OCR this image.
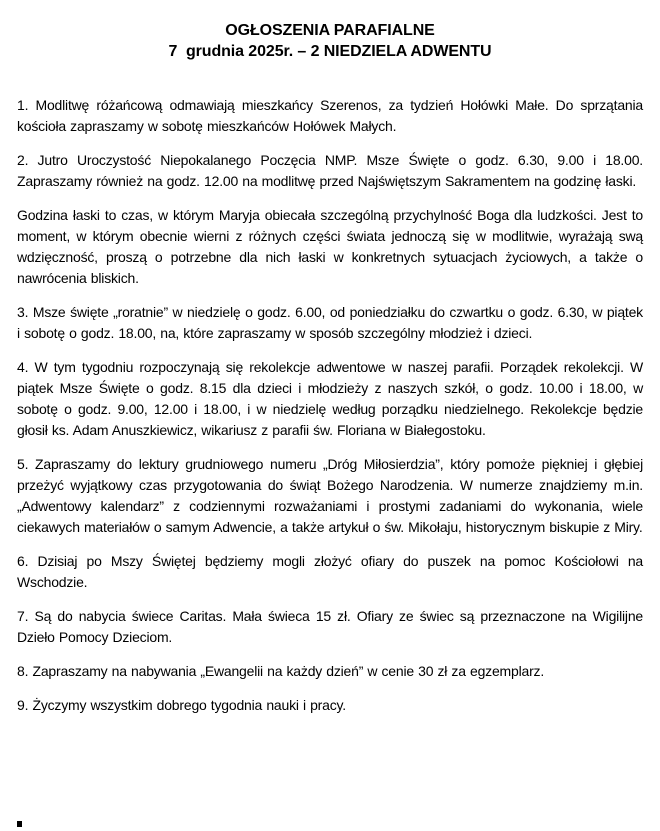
OGŁOSZENIA PARAFIALNE
7  grudnia 2025r. – 2 NIEDZIELA ADWENTU

1. Modlitwę różańcową odmawiają mieszkańcy Szerenos, za tydzień Hołówki Małe. Do sprzątania kościoła zapraszamy w sobotę mieszkańców Hołówek Małych.

2. Jutro Uroczystość Niepokalanego Poczęcia NMP. Msze Święte o godz. 6.30, 9.00 i 18.00. Zapraszamy również na godz. 12.00 na modlitwę przed Najświętszym Sakramentem na godzinę łaski.

Godzina łaski to czas, w którym Maryja obiecała szczególną przychylność Boga dla ludzkości. Jest to moment, w którym obecnie wierni z różnych części świata jednoczą się w modlitwie, wyrażają swą wdzięczność, proszą o potrzebne dla nich łaski w konkretnych sytuacjach życiowych, a także o nawrócenia bliskich.

3. Msze święte „roratnie” w niedzielę o godz. 6.00, od poniedziałku do czwartku o godz. 6.30, w piątek i sobotę o godz. 18.00, na, które zapraszamy w sposób szczególny młodzież i dzieci.

4. W tym tygodniu rozpoczynają się rekolekcje adwentowe w naszej parafii. Porządek rekolekcji. W piątek Msze Święte o godz. 8.15 dla dzieci i młodzieży z naszych szkół, o godz. 10.00 i 18.00, w sobotę o godz. 9.00, 12.00 i 18.00, i w niedzielę według porządku niedzielnego. Rekolekcje będzie głosił ks. Adam Anuszkiewicz, wikariusz z parafii św. Floriana w Białegostoku.

5. Zapraszamy do lektury grudniowego numeru „Dróg Miłosierdzia”, który pomoże piękniej i głębiej przeżyć wyjątkowy czas przygotowania do świąt Bożego Narodzenia. W numerze znajdziemy m.in. „Adwentowy kalendarz” z codziennymi rozważaniami i prostymi zadaniami do wykonania, wiele ciekawych materiałów o samym Adwencie, a także artykuł o św. Mikołaju, historycznym biskupie z Miry.

6. Dzisiaj po Mszy Świętej będziemy mogli złożyć ofiary do puszek na pomoc Kościołowi na Wschodzie.

7. Są do nabycia świece Caritas. Mała świeca 15 zł. Ofiary ze świec są przeznaczone na Wigilijne Dzieło Pomocy Dzieciom.

8. Zapraszamy na nabywania „Ewangelii na każdy dzień” w cenie 30 zł za egzemplarz.

9. Życzymy wszystkim dobrego tygodnia nauki i pracy.
